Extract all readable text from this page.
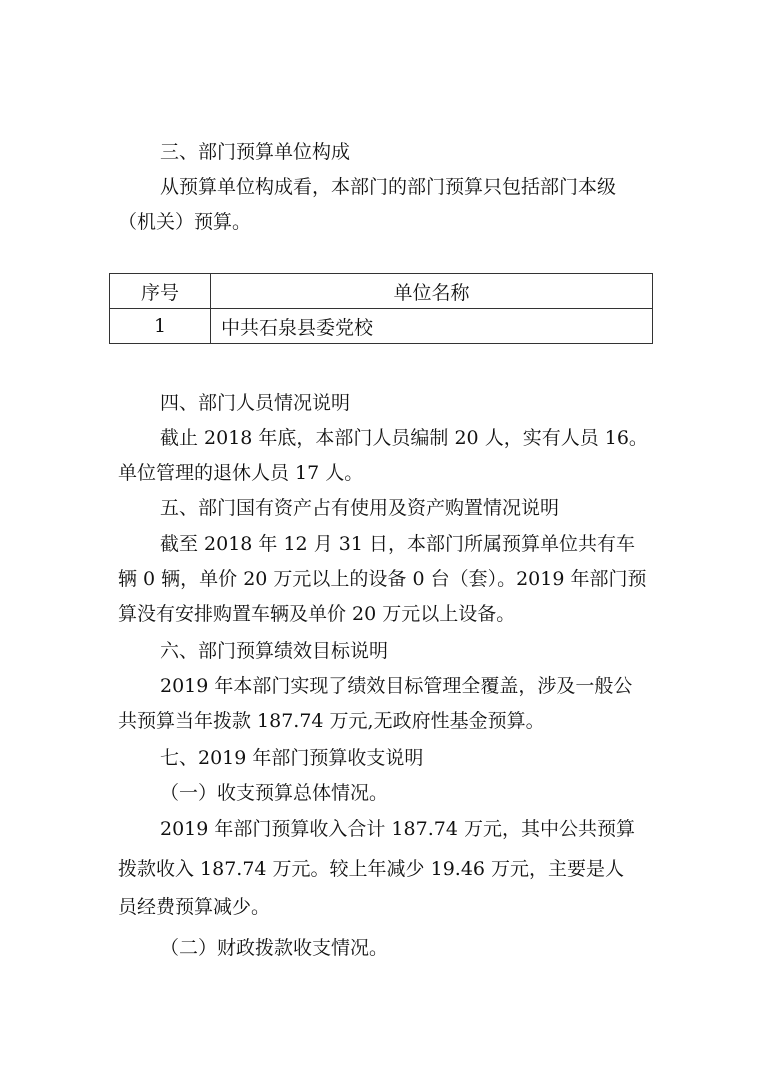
三、部门预算单位构成

从预算单位构成看，本部门的部门预算只包括部门本级

（机关）预算。

序号	单位名称
1	中共石泉县委党校

四、部门人员情况说明

截止 2018 年底，本部门人员编制 20 人，实有人员 16。

单位管理的退休人员 17 人。

五、部门国有资产占有使用及资产购置情况说明

截至 2018 年 12 月 31 日，本部门所属预算单位共有车

辆 0 辆，单价 20 万元以上的设备 0 台（套）。2019 年部门预

算没有安排购置车辆及单价 20 万元以上设备。

六、部门预算绩效目标说明

2019 年本部门实现了绩效目标管理全覆盖，涉及一般公

共预算当年拨款 187.74 万元,无政府性基金预算。

七、2019 年部门预算收支说明

（一）收支预算总体情况。

2019 年部门预算收入合计 187.74 万元，其中公共预算

拨款收入 187.74 万元。较上年减少 19.46 万元，主要是人

员经费预算减少。

（二）财政拨款收支情况。
